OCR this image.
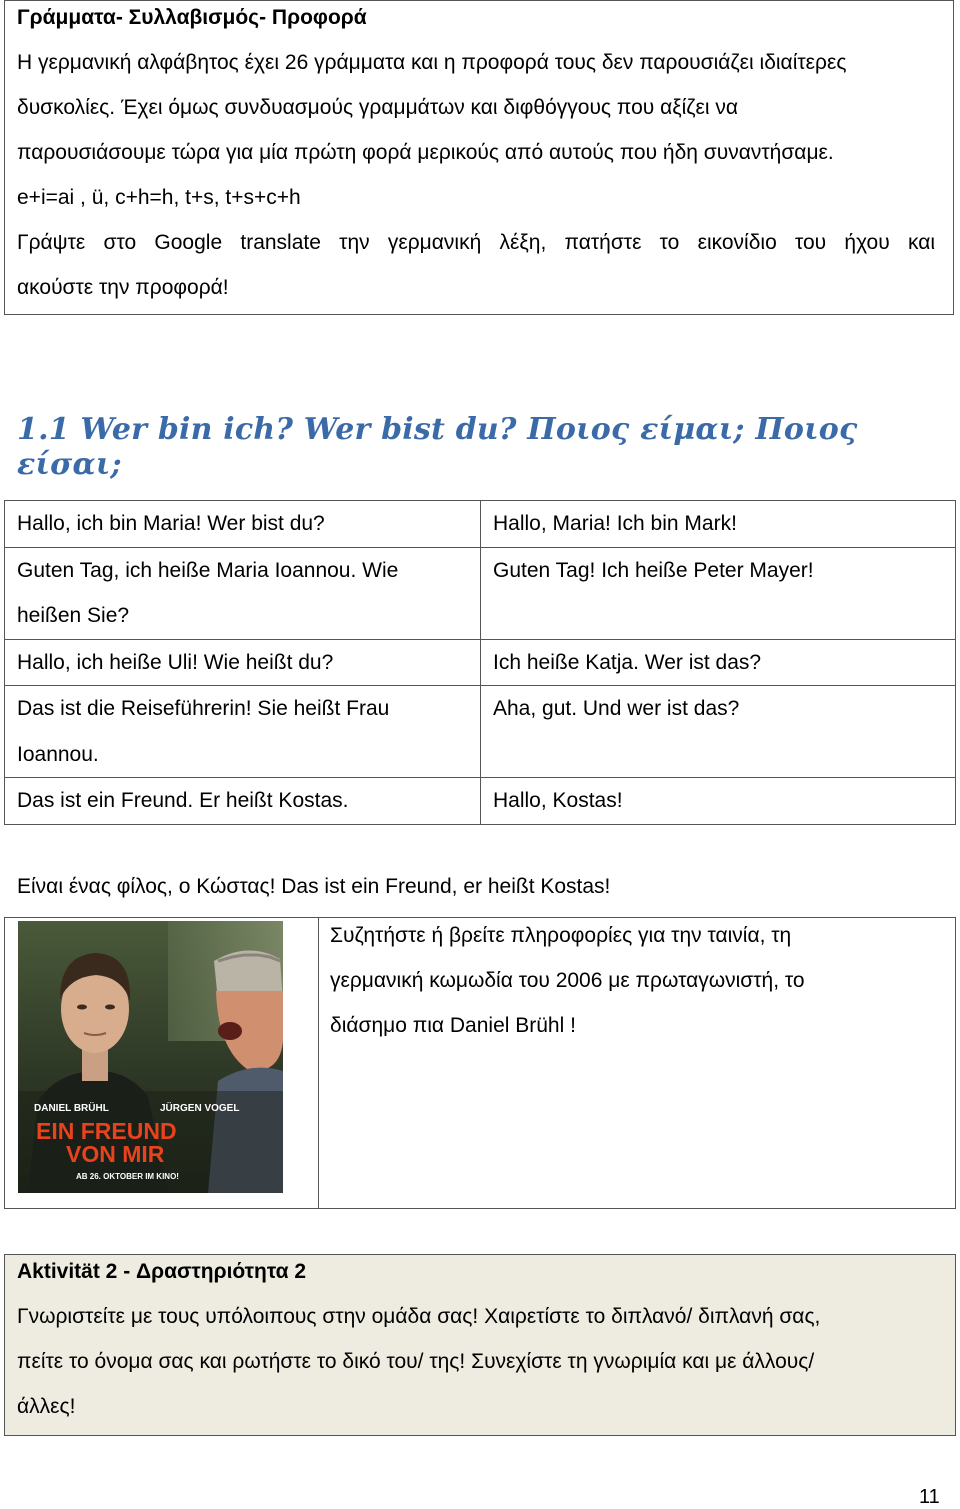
Γράμματα- Συλλαβισμός- Προφορά
Η γερμανική αλφάβητος έχει 26 γράμματα και η προφορά τους δεν παρουσιάζει ιδιαίτερες
δυσκολίες. Έχει όμως συνδυασμούς γραμμάτων και διφθόγγους που αξίζει να
παρουσιάσουμε τώρα για μία πρώτη φορά μερικούς από αυτούς που ήδη συναντήσαμε.
e+i=ai , ü, c+h=h, t+s, t+s+c+h
Γράψτε στο Google translate την γερμανική λέξη, πατήστε το εικονίδιο του ήχου και
ακούστε την προφορά!
1.1 Wer bin ich? Wer bist du? Ποιος είμαι; Ποιος είσαι;
Hallo, ich bin Maria! Wer bist du?	Hallo, Maria! Ich bin Mark!
Guten Tag, ich heiße Maria Ioannou. Wie
heißen Sie?	Guten Tag! Ich heiße Peter Mayer!
Hallo, ich heiße Uli! Wie heißt du?	Ich heiße Katja. Wer ist das?
Das ist die Reiseführerin! Sie heißt Frau
Ioannou.	Aha, gut. Und wer ist das?
Das ist ein Freund. Er heißt Kostas.	Hallo, Kostas!
Είναι ένας φίλος, ο Κώστας! Das ist ein Freund, er heißt Kostas!
DANIEL BRÜHL	JÜRGEN VOGEL
EIN FREUND
VON MIR
AB 26. OKTOBER IM KINO!
Συζητήστε ή βρείτε πληροφορίες για την ταινία, τη
γερμανική κωμωδία του 2006 με πρωταγωνιστή, το
διάσημο πια Daniel Brühl !
Aktivität 2 - Δραστηριότητα 2
Γνωριστείτε με τους υπόλοιπους στην ομάδα σας! Χαιρετίστε το διπλανό/ διπλανή σας,
πείτε το όνομα σας και ρωτήστε το δικό του/ της! Συνεχίστε τη γνωριμία και με άλλους/
άλλες!
11
